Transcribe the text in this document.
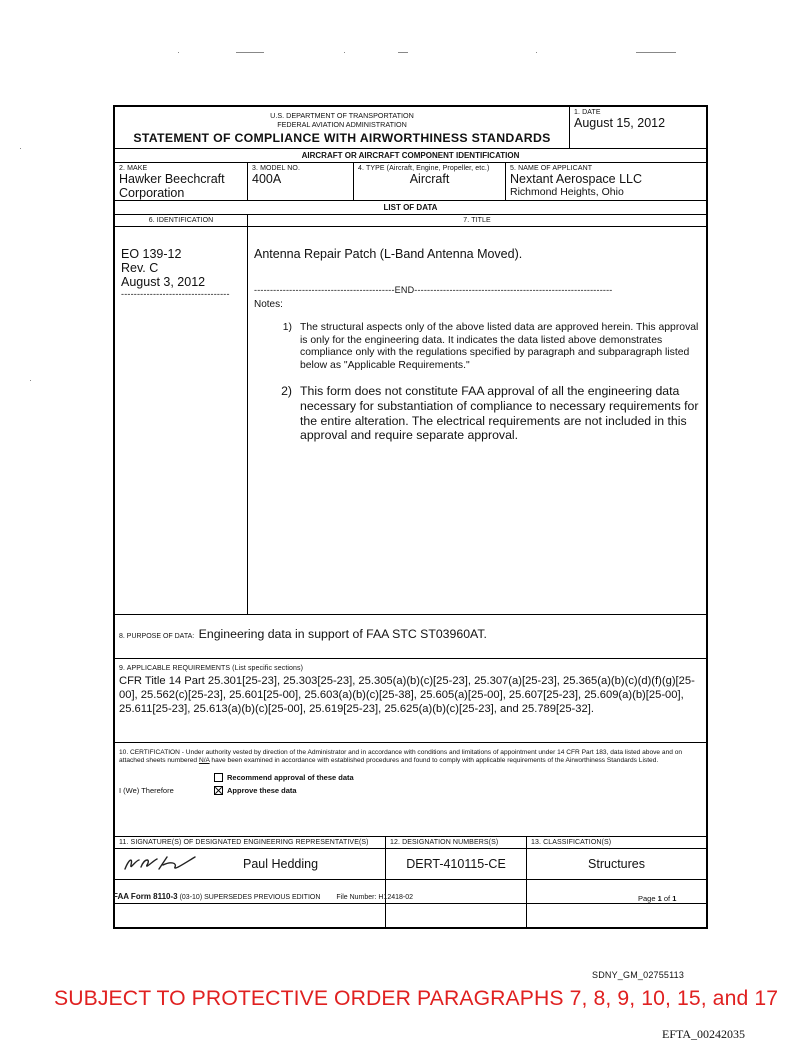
U.S. DEPARTMENT OF TRANSPORTATION
FEDERAL AVIATION ADMINISTRATION
STATEMENT OF COMPLIANCE WITH AIRWORTHINESS STANDARDS
1. DATE
August 15, 2012
AIRCRAFT OR AIRCRAFT COMPONENT IDENTIFICATION
2. MAKE
Hawker Beechcraft Corporation
3. MODEL NO.
400A
4. TYPE (Aircraft, Engine, Propeller, etc.)
Aircraft
5. NAME OF APPLICANT
Nextant Aerospace LLC
Richmond Heights, Ohio
LIST OF DATA
6. IDENTIFICATION	7. TITLE
EO 139-12
Rev. C
August 3, 2012
----------------------------------
Antenna Repair Patch (L-Band Antenna Moved).
--------------------------------------------END--------------------------------------------------------------
Notes:
1) The structural aspects only of the above listed data are approved herein. This approval is only for the engineering data. It indicates the data listed above demonstrates compliance only with the regulations specified by paragraph and subparagraph listed below as "Applicable Requirements."
2) This form does not constitute FAA approval of all the engineering data necessary for substantiation of compliance to necessary requirements for the entire alteration. The electrical requirements are not included in this approval and require separate approval.
8. PURPOSE OF DATA: Engineering data in support of FAA STC ST03960AT.
9. APPLICABLE REQUIREMENTS (List specific sections)
CFR Title 14 Part 25.301[25-23], 25.303[25-23], 25.305(a)(b)(c)[25-23], 25.307(a)[25-23], 25.365(a)(b)(c)(d)(f)(g)[25-00], 25.562(c)[25-23], 25.601[25-00], 25.603(a)(b)(c)[25-38], 25.605(a)[25-00], 25.607[25-23], 25.609(a)(b)[25-00], 25.611[25-23], 25.613(a)(b)(c)[25-00], 25.619[25-23], 25.625(a)(b)(c)[25-23], and 25.789[25-32].
10. CERTIFICATION - Under authority vested by direction of the Administrator and in accordance with conditions and limitations of appointment under 14 CFR Part 183, data listed above and on attached sheets numbered N/A have been examined in accordance with established procedures and found to comply with applicable requirements of the Airworthiness Standards Listed.
Recommend approval of these data
I (We) Therefore	Approve these data
11. SIGNATURE(S) OF DESIGNATED ENGINEERING REPRESENTATIVE(S)	12. DESIGNATION NUMBERS(S)	13. CLASSIFICATION(S)
Paul Hedding	DERT-410115-CE	Structures
FAA Form 8110-3 (03-10) SUPERSEDES PREVIOUS EDITION File Number: H12418-02	Page 1 of 1
SDNY_GM_02755113
SUBJECT TO PROTECTIVE ORDER PARAGRAPHS 7, 8, 9, 10, 15, and 17
EFTA_00242035
